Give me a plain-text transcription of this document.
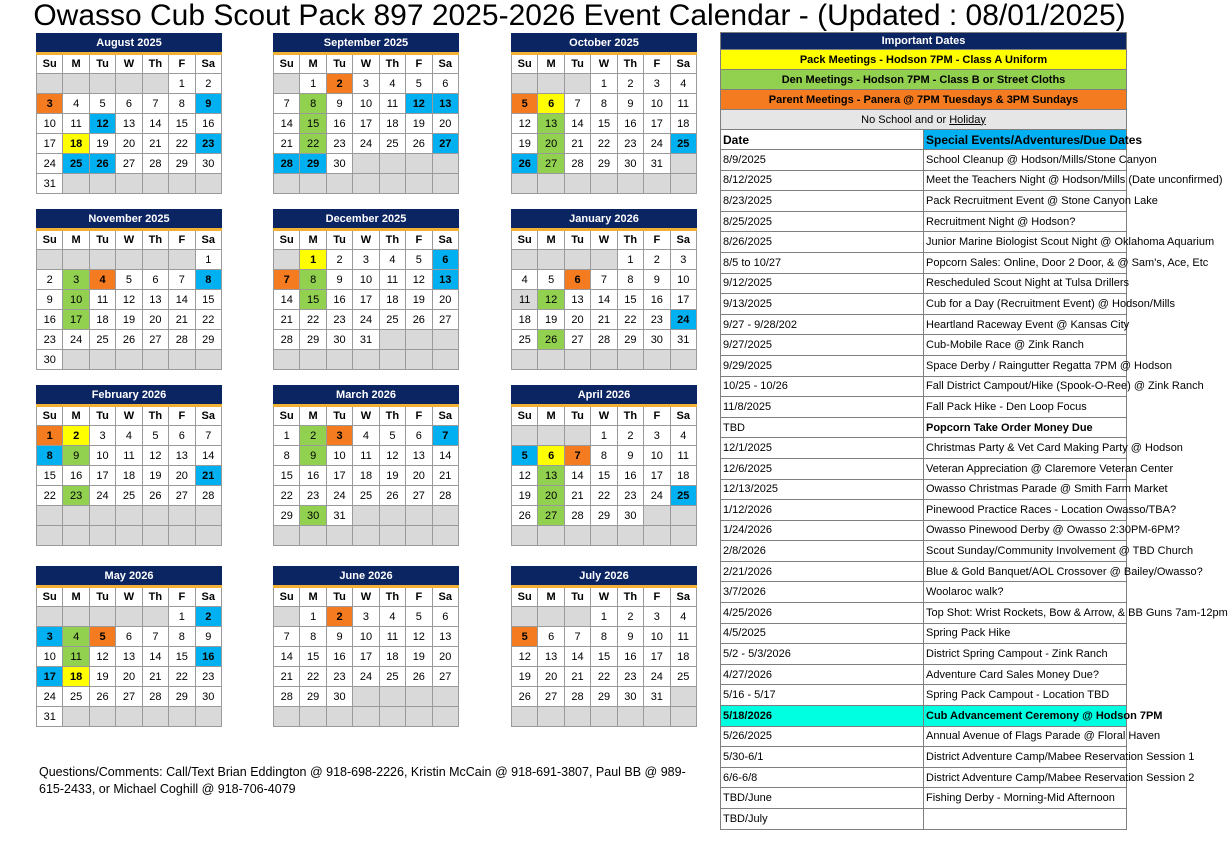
Owasso Cub Scout Pack 897 2025-2026 Event Calendar - (Updated : 08/01/2025)
August 2025						
Su	M	Tu	W	Th	F	Sa
					1	2
3	4	5	6	7	8	9
10	11	12	13	14	15	16
17	18	19	20	21	22	23
24	25	26	27	28	29	30
31						
September 2025						
Su	M	Tu	W	Th	F	Sa
	1	2	3	4	5	6
7	8	9	10	11	12	13
14	15	16	17	18	19	20
21	22	23	24	25	26	27
28	29	30				

October 2025						
Su	M	Tu	W	Th	F	Sa
			1	2	3	4
5	6	7	8	9	10	11
12	13	14	15	16	17	18
19	20	21	22	23	24	25
26	27	28	29	30	31	

November 2025						
Su	M	Tu	W	Th	F	Sa
						1
2	3	4	5	6	7	8
9	10	11	12	13	14	15
16	17	18	19	20	21	22
23	24	25	26	27	28	29
30						
December 2025						
Su	M	Tu	W	Th	F	Sa
	1	2	3	4	5	6
7	8	9	10	11	12	13
14	15	16	17	18	19	20
21	22	23	24	25	26	27
28	29	30	31			

January 2026						
Su	M	Tu	W	Th	F	Sa
				1	2	3
4	5	6	7	8	9	10
11	12	13	14	15	16	17
18	19	20	21	22	23	24
25	26	27	28	29	30	31

February 2026						
Su	M	Tu	W	Th	F	Sa
1	2	3	4	5	6	7
8	9	10	11	12	13	14
15	16	17	18	19	20	21
22	23	24	25	26	27	28

March 2026						
Su	M	Tu	W	Th	F	Sa
1	2	3	4	5	6	7
8	9	10	11	12	13	14
15	16	17	18	19	20	21
22	23	24	25	26	27	28
29	30	31				

April 2026						
Su	M	Tu	W	Th	F	Sa
			1	2	3	4
5	6	7	8	9	10	11
12	13	14	15	16	17	18
19	20	21	22	23	24	25
26	27	28	29	30		

May 2026						
Su	M	Tu	W	Th	F	Sa
					1	2
3	4	5	6	7	8	9
10	11	12	13	14	15	16
17	18	19	20	21	22	23
24	25	26	27	28	29	30
31						
June 2026						
Su	M	Tu	W	Th	F	Sa
	1	2	3	4	5	6
7	8	9	10	11	12	13
14	15	16	17	18	19	20
21	22	23	24	25	26	27
28	29	30				

July 2026						
Su	M	Tu	W	Th	F	Sa
			1	2	3	4
5	6	7	8	9	10	11
12	13	14	15	16	17	18
19	20	21	22	23	24	25
26	27	28	29	30	31	

Important Dates	
Pack Meetings - Hodson 7PM - Class A Uniform	
Den Meetings - Hodson 7PM - Class B or Street Cloths	
Parent Meetings - Panera @ 7PM Tuesdays & 3PM Sundays	
No School and or Holiday	
Date	Special Events/Adventures/Due Dates
8/9/2025	School Cleanup @ Hodson/Mills/Stone Canyon
8/12/2025	Meet the Teachers Night @ Hodson/Mills (Date unconfirmed)
8/23/2025	Pack Recruitment Event @ Stone Canyon Lake
8/25/2025	Recruitment Night @ Hodson?
8/26/2025	Junior Marine Biologist Scout Night @ Oklahoma Aquarium
8/5 to 10/27	Popcorn Sales: Online, Door 2 Door, & @ Sam's, Ace, Etc
9/12/2025	Rescheduled Scout Night at Tulsa Drillers
9/13/2025	Cub for a Day (Recruitment Event) @ Hodson/Mills
9/27 - 9/28/202	Heartland Raceway Event @ Kansas City
9/27/2025	Cub-Mobile Race @ Zink Ranch
9/29/2025	Space Derby / Raingutter Regatta 7PM @ Hodson
10/25 - 10/26	Fall District Campout/Hike (Spook-O-Ree) @ Zink Ranch
11/8/2025	Fall Pack Hike - Den Loop Focus
TBD	Popcorn Take Order Money Due
12/1/2025	Christmas Party & Vet Card Making Party @ Hodson
12/6/2025	Veteran Appreciation @ Claremore Veteran Center
12/13/2025	Owasso Christmas Parade @ Smith Farm Market
1/12/2026	Pinewood Practice Races - Location Owasso/TBA?
1/24/2026	Owasso Pinewood Derby @ Owasso 2:30PM-6PM?
2/8/2026	Scout Sunday/Community Involvement @ TBD Church
2/21/2026	Blue & Gold Banquet/AOL Crossover @ Bailey/Owasso?
3/7/2026	Woolaroc walk?
4/25/2026	Top Shot: Wrist Rockets, Bow & Arrow, & BB Guns 7am-12pm
4/5/2025	Spring Pack Hike
5/2 - 5/3/2026	District Spring Campout - Zink Ranch
4/27/2026	Adventure Card Sales Money Due?
5/16 - 5/17	Spring Pack Campout - Location TBD
5/18/2026	Cub Advancement Ceremony @ Hodson 7PM
5/26/2025	Annual Avenue of Flags Parade @ Floral Haven
5/30-6/1	District Adventure Camp/Mabee Reservation Session 1
6/6-6/8	District Adventure Camp/Mabee Reservation Session 2
TBD/June	Fishing Derby - Morning-Mid Afternoon
TBD/July	
Questions/Comments: Call/Text Brian Eddington @ 918-698-2226, Kristin McCain @ 918-691-3807, Paul BB @ 989-615-2433, or Michael Coghill @ 918-706-4079
